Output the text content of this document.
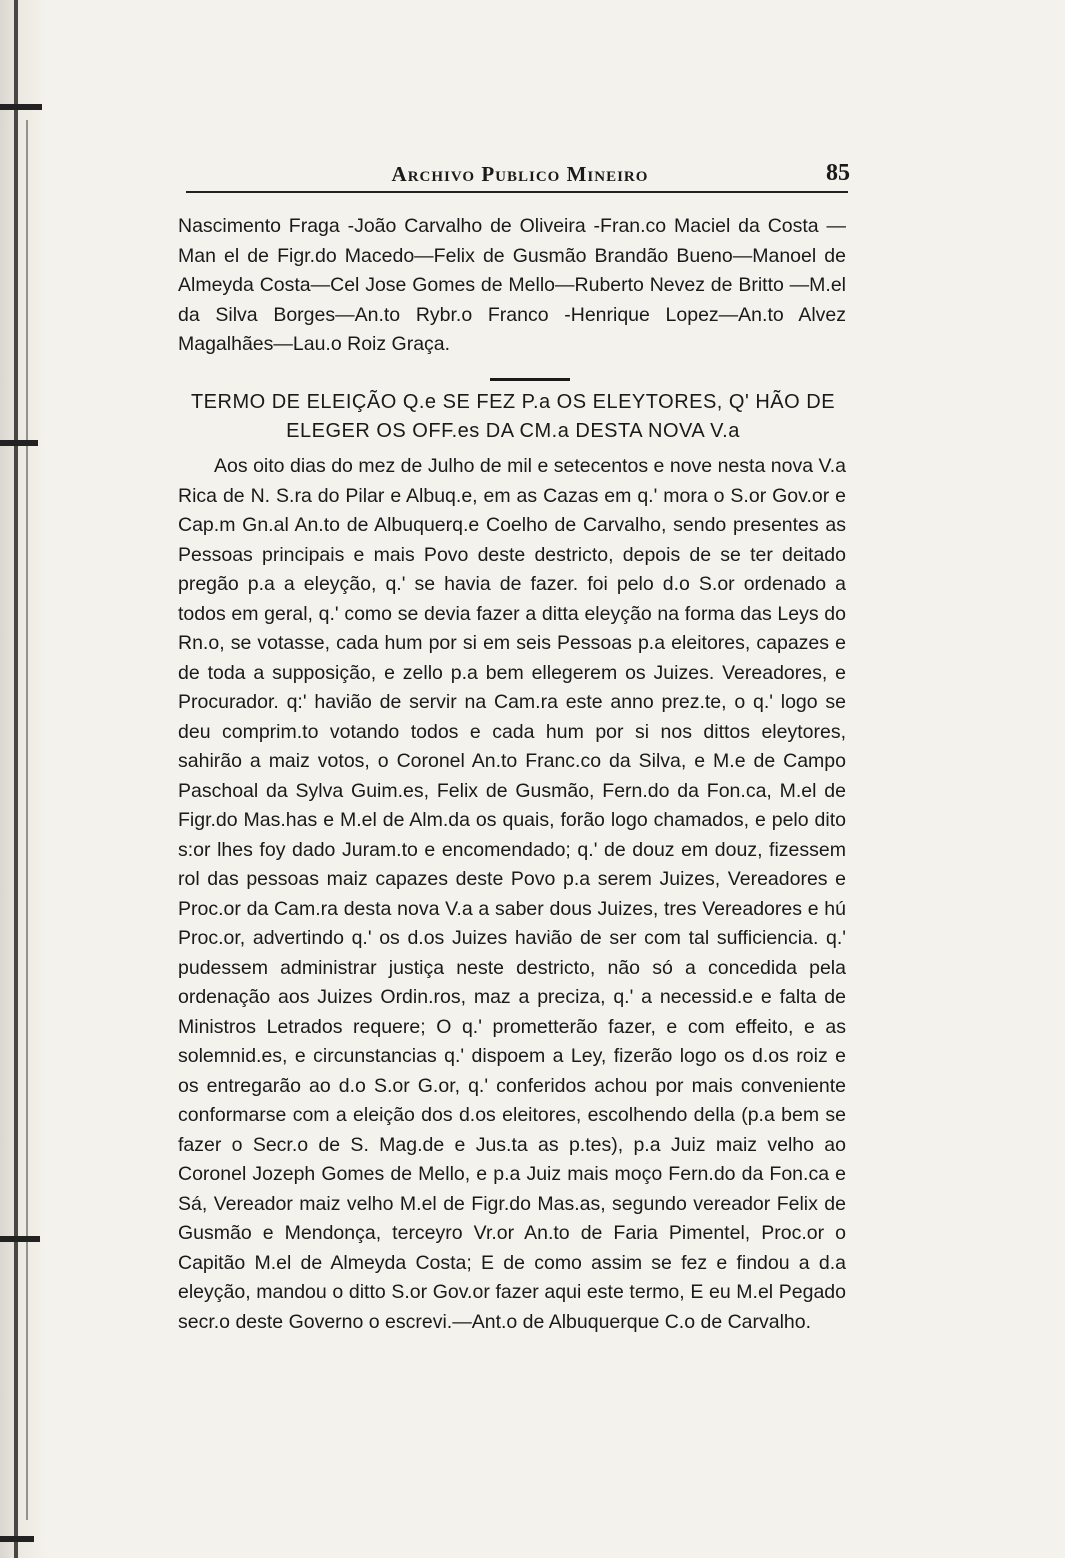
Archivo Publico Mineiro	85
Nascimento Fraga -João Carvalho de Oliveira -Fran.co Maciel da Costa —Man el de Figr.do Macedo—Felix de Gusmão Brandão Bueno—Manoel de Almeyda Costa—Cel Jose Gomes de Mello—Ruberto Nevez de Britto —M.el da Silva Borges—An.to Rybr.o Franco -Henrique Lopez—An.to Alvez Magalhães—Lau.o Roiz Graça.
TERMO DE ELEIÇÃO Q.e SE FEZ P.a OS ELEYTORES, Q' HÃO DE ELEGER OS OFF.es DA CM.a DESTA NOVA V.a

Aos oito dias do mez de Julho de mil e setecentos e nove nesta nova V.a Rica de N. S.ra do Pilar e Albuq.e, em as Cazas em q.' mora o S.or Gov.or e Cap.m Gn.al An.to de Albuquerq.e Coelho de Carvalho, sendo presentes as Pessoas principais e mais Povo deste destricto, depois de se ter deitado pregão p.a a eleyção, q.' se havia de fazer. foi pelo d.o S.or ordenado a todos em geral, q.' como se devia fazer a ditta eleyção na forma das Leys do Rn.o, se votasse, cada hum por si em seis Pessoas p.a eleitores, capazes e de toda a supposição, e zello p.a bem ellegerem os Juizes. Vereadores, e Procurador. q:' havião de servir na Cam.ra este anno prez.te, o q.' logo se deu comprim.to votando todos e cada hum por si nos dittos eleytores, sahirão a maiz votos, o Coronel An.to Franc.co da Silva, e M.e de Campo Paschoal da Sylva Guim.es, Felix de Gusmão, Fern.do da Fon.ca, M.el de Figr.do Mas.has e M.el de Alm.da os quais, forão logo chamados, e pelo dito s:or lhes foy dado Juram.to e encomendado; q.' de douz em douz, fizessem rol das pessoas maiz capazes deste Povo p.a serem Juizes, Vereadores e Proc.or da Cam.ra desta nova V.a a saber dous Juizes, tres Vereadores e hú Proc.or, advertindo q.' os d.os Juizes havião de ser com tal sufficiencia. q.' pudessem administrar justiça neste destricto, não só a concedida pela ordenação aos Juizes Ordin.ros, maz a preciza, q.' a necessid.e e falta de Ministros Letrados requere; O q.' prometterão fazer, e com effeito, e as solemnid.es, e circunstancias q.' dispoem a Ley, fizerão logo os d.os roiz e os entregarão ao d.o S.or G.or, q.' conferidos achou por mais conveniente conformarse com a eleição dos d.os eleitores, escolhendo della (p.a bem se fazer o Secr.o de S. Mag.de e Jus.ta as p.tes), p.a Juiz maiz velho ao Coronel Jozeph Gomes de Mello, e p.a Juiz mais moço Fern.do da Fon.ca e Sá, Vereador maiz velho M.el de Figr.do Mas.as, segundo vereador Felix de Gusmão e Mendonça, terceyro Vr.or An.to de Faria Pimentel, Proc.or o Capitão M.el de Almeyda Costa; E de como assim se fez e findou a d.a eleyção, mandou o ditto S.or Gov.or fazer aqui este termo, E eu M.el Pegado secr.o deste Governo o escrevi.—Ant.o de Albuquerque C.o de Carvalho.
